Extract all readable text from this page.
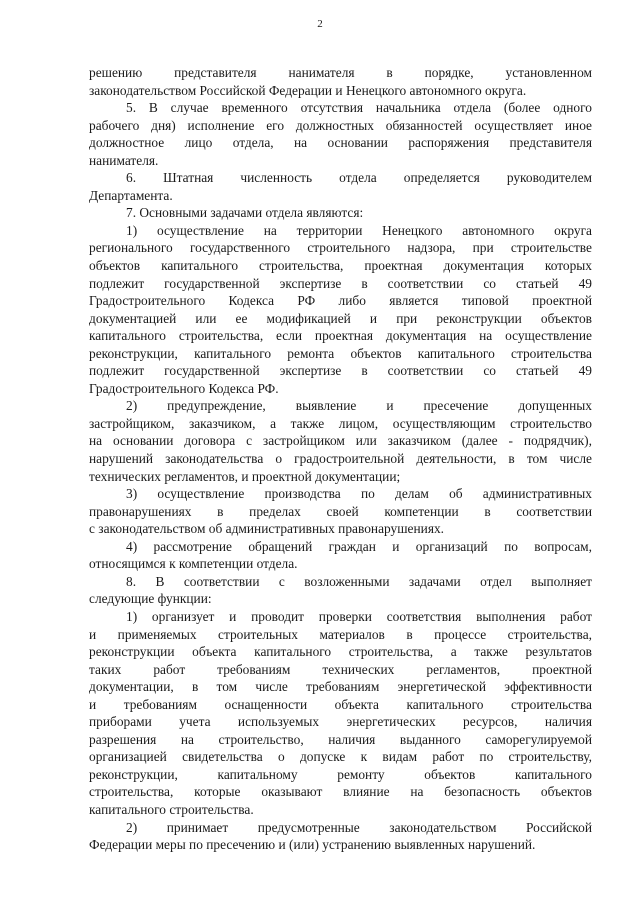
2
решению представителя нанимателя в порядке, установленном
законодательством Российской Федерации и Ненецкого автономного округа.
5. В случае временного отсутствия начальника отдела (более одного
рабочего дня) исполнение его должностных обязанностей осуществляет иное
должностное лицо отдела, на основании распоряжения представителя
нанимателя.
6. Штатная численность отдела определяется руководителем
Департамента.
7. Основными задачами отдела являются:
1) осуществление на территории Ненецкого автономного округа
регионального государственного строительного надзора, при строительстве
объектов капитального строительства, проектная документация которых
подлежит государственной экспертизе в соответствии со статьей 49
Градостроительного Кодекса РФ либо является типовой проектной
документацией или ее модификацией и при реконструкции объектов
капитального строительства, если проектная документация на осуществление
реконструкции, капитального ремонта объектов капитального строительства
подлежит государственной экспертизе в соответствии со статьей 49
Градостроительного Кодекса РФ.
2) предупреждение, выявление и пресечение допущенных
застройщиком, заказчиком, а также лицом, осуществляющим строительство
на основании договора с застройщиком или заказчиком (далее - подрядчик),
нарушений законодательства о градостроительной деятельности, в том числе
технических регламентов, и проектной документации;
3) осуществление производства по делам об административных
правонарушениях в пределах своей компетенции в соответствии
с законодательством об административных правонарушениях.
4) рассмотрение обращений граждан и организаций по вопросам,
относящимся к компетенции отдела.
8. В соответствии с возложенными задачами отдел выполняет
следующие функции:
1) организует и проводит проверки соответствия выполнения работ
и применяемых строительных материалов в процессе строительства,
реконструкции объекта капитального строительства, а также результатов
таких работ требованиям технических регламентов, проектной
документации, в том числе требованиям энергетической эффективности
и требованиям оснащенности объекта капитального строительства
приборами учета используемых энергетических ресурсов, наличия
разрешения на строительство, наличия выданного саморегулируемой
организацией свидетельства о допуске к видам работ по строительству,
реконструкции, капитальному ремонту объектов капитального
строительства, которые оказывают влияние на безопасность объектов
капитального строительства.
2) принимает предусмотренные законодательством Российской
Федерации меры по пресечению и (или) устранению выявленных нарушений.
